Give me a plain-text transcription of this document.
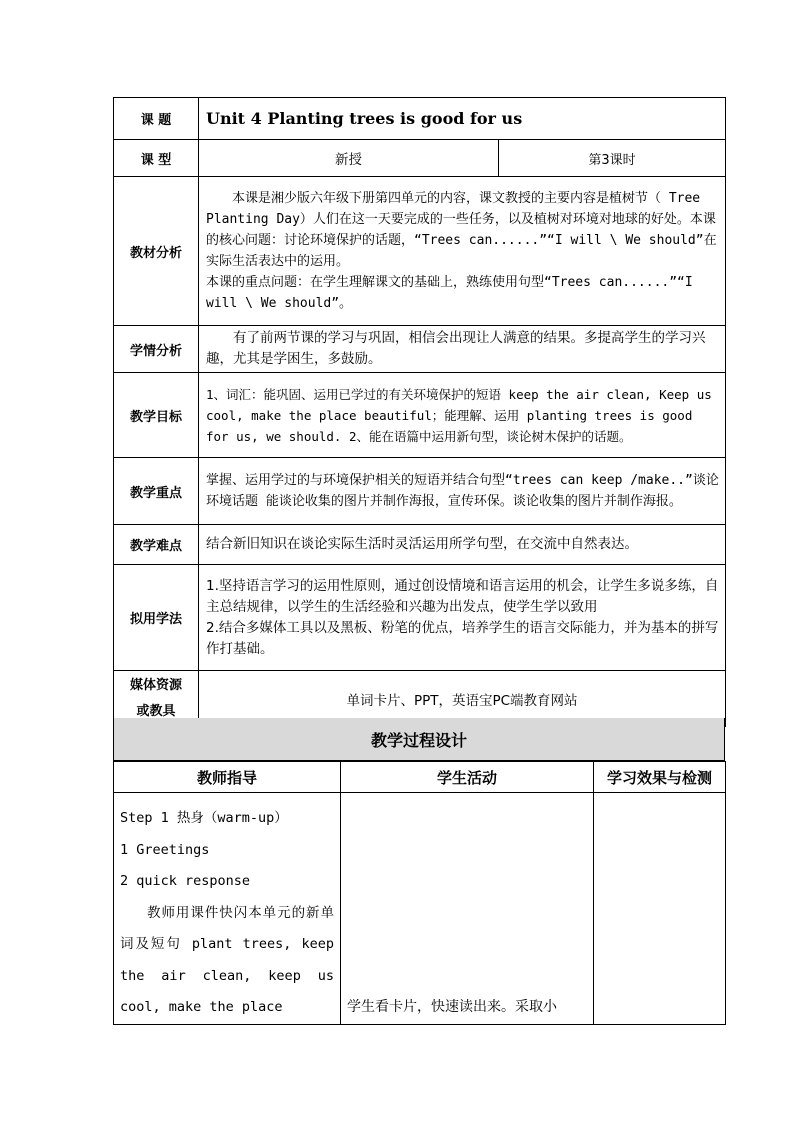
课 题	Unit 4 Planting trees is good for us	
课 型	新授	第3课时
教材分析	本课是湘少版六年级下册第四单元的内容，课文教授的主要内容是植树节（ Tree Planting Day）人们在这一天要完成的一些任务，以及植树对环境对地球的好处。本课的核心问题：讨论环境保护的话题，“Trees can......”“I will \ We should”在实际生活表达中的运用。
本课的重点问题：在学生理解课文的基础上，熟练使用句型“Trees can......”“I will \ We should”。	

学情分析	有了前两节课的学习与巩固，相信会出现让人满意的结果。多提高学生的学习兴趣，尤其是学困生，多鼓励。	
教学目标	1、词汇：能巩固、运用已学过的有关环境保护的短语 keep the air clean, Keep us cool, make the place beautiful；能理解、运用 planting trees is good for us, we should. 2、能在语篇中运用新句型，谈论树木保护的话题。	
教学重点	掌握、运用学过的与环境保护相关的短语并结合句型“trees can keep /make..”谈论环境话题 能谈论收集的图片并制作海报，宣传环保。谈论收集的图片并制作海报。	
教学难点	结合新旧知识在谈论实际生活时灵活运用所学句型，在交流中自然表达。	
拟用学法	1.坚持语言学习的运用性原则，通过创设情境和语言运用的机会，让学生多说多练，自主总结规律，以学生的生活经验和兴趣为出发点，使学生学以致用
2.结合多媒体工具以及黑板、粉笔的优点，培养学生的语言交际能力，并为基本的拼写作打基础。	

媒体资源
或教具	单词卡片、PPT，英语宝PC端教育网站	
教学过程设计
教师指导	学生活动	学习效果与检测

Step 1 热身（warm-up）

1 Greetings

2 quick response

教师用课件快闪本单元的新单词及短句 plant trees, keep the air clean, keep us cool, make the place	学生看卡片，快速读出来。采取小	
